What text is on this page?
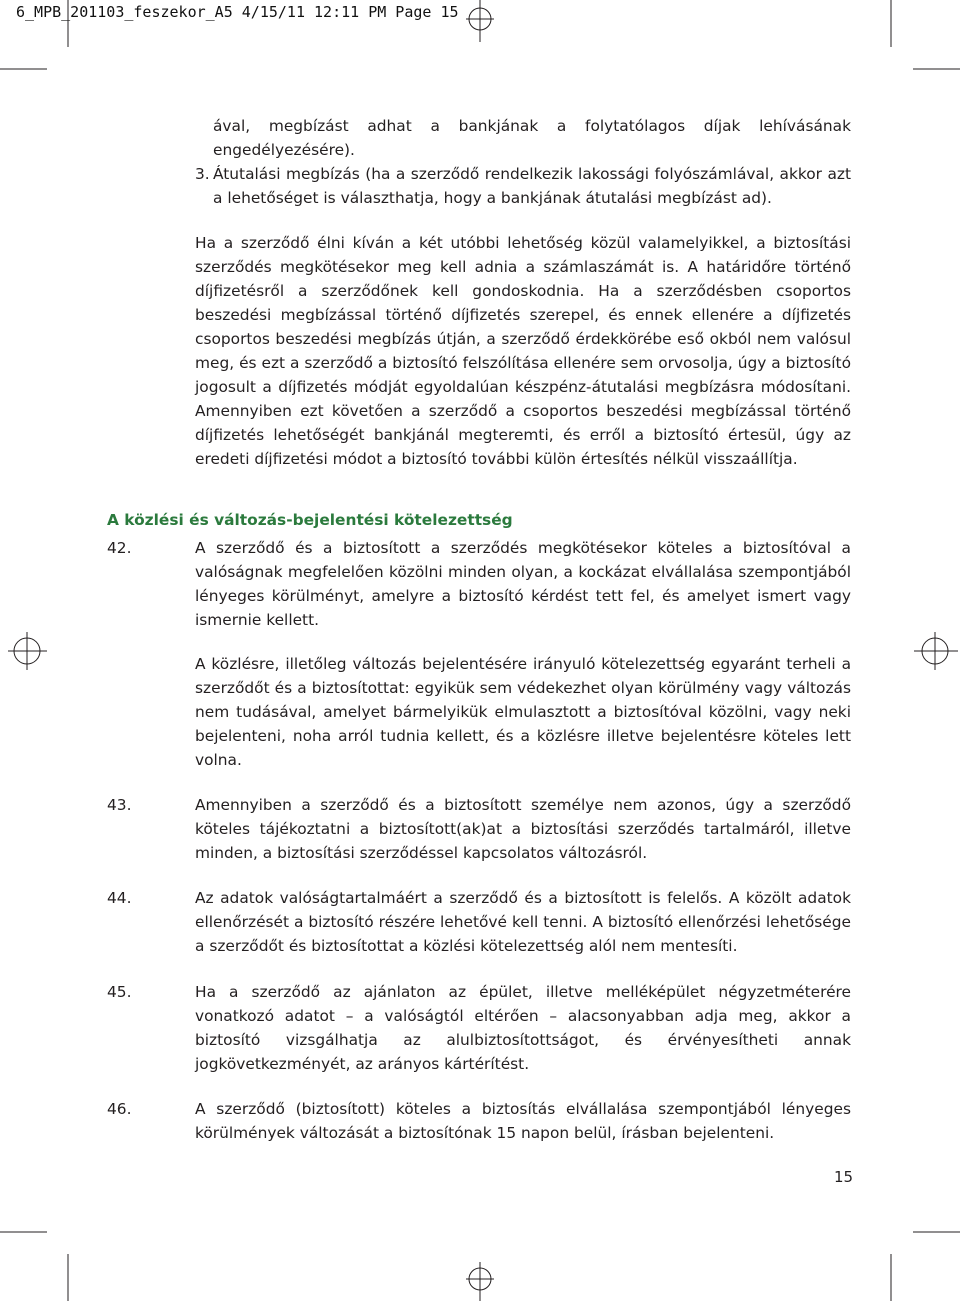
6_MPB_201103_feszekor_A5 4/15/11 12:11 PM Page 15

ával, megbízást adhat a bankjának a folytatólagos díjak lehívásának engedélyezésére).

3. Átutalási megbízás (ha a szerződő rendelkezik lakossági folyószámlával, akkor azt a lehetőséget is választhatja, hogy a bankjának átutalási megbízást ad).

Ha a szerződő élni kíván a két utóbbi lehetőség közül valamelyikkel, a biztosítási szerződés megkötésekor meg kell adnia a számlaszámát is. A határidőre történő díjfizetésről a szerződőnek kell gondoskodnia. Ha a szerződésben csoportos beszedési megbízással történő díjfizetés szerepel, és ennek ellenére a díjfizetés csoportos beszedési megbízás útján, a szerződő érdekkörébe eső okból nem valósul meg, és ezt a szerződő a biztosító felszólítása ellenére sem orvosolja, úgy a biztosító jogosult a díjfizetés módját egyoldalúan készpénz-átutalási megbízásra módosítani. Amennyiben ezt követően a szerződő a csoportos beszedési megbízással történő díjfizetés lehetőségét bankjánál megteremti, és erről a biztosító értesül, úgy az eredeti díjfizetési módot a biztosító további külön értesítés nélkül visszaállítja.

A közlési és változás-bejelentési kötelezettség
42.	A szerződő és a biztosított a szerződés megkötésekor köteles a biztosítóval a valóságnak megfelelően közölni minden olyan, a kockázat elvállalása szempontjából lényeges körülményt, amelyre a biztosító kérdést tett fel, és amelyet ismert vagy ismernie kellett.

A közlésre, illetőleg változás bejelentésére irányuló kötelezettség egyaránt terheli a szerződőt és a biztosítottat: egyikük sem védekezhet olyan körülmény vagy változás nem tudásával, amelyet bármelyikük elmulasztott a biztosítóval közölni, vagy neki bejelenteni, noha arról tudnia kellett, és a közlésre illetve bejelentésre köteles lett volna.

43.	Amennyiben a szerződő és a biztosított személye nem azonos, úgy a szerződő köteles tájékoztatni a biztosított(ak)at a biztosítási szerződés tartalmáról, illetve minden, a biztosítási szerződéssel kapcsolatos változásról.
44.	Az adatok valóságtartalmáért a szerződő és a biztosított is felelős. A közölt adatok ellenőrzését a biztosító részére lehetővé kell tenni. A biztosító ellenőrzési lehetősége a szerződőt és biztosítottat a közlési kötelezettség alól nem mentesíti.
45.	Ha a szerződő az ajánlaton az épület, illetve melléképület négyzetméterére vonatkozó adatot – a valóságtól eltérően – alacsonyabban adja meg, akkor a biztosító vizsgálhatja az alulbiztosítottságot, és érvényesítheti annak jogkövetkezményét, az arányos kártérítést.
46.	A szerződő (biztosított) köteles a biztosítás elvállalása szempontjából lényeges körülmények változását a biztosítónak 15 napon belül, írásban bejelenteni.
15
